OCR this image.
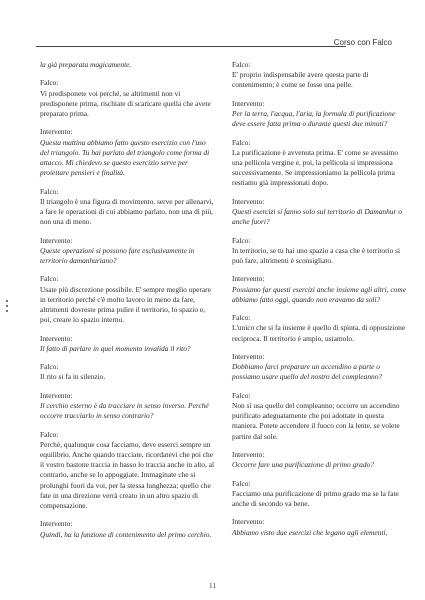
Corso con Falco
la già preparata magicamente.
Falco:
Vi predisponete voi perché, se altrimenti non vi predisponete prima, rischiate di scaricare quella che avete preparato prima.
Intervento:
Questa mattina abbiamo fatto questo esercizio con l'uso del triangolo. Tu hai parlato del triangolo come forma di attacco. Mi chiedevo se questo esercizio serve per proiettare pensieri e finalità.
Falco:
Il triangolo è una figura di movimento, serve per allenarvi, a fare le operazioni di cui abbiamo parlato, non una di più, non una di meno.
Intervento:
Queste operazioni si possono fare esclusivamente in territorio damanhuriano?
Falco:
Usate più discrezione possibile. E' sempre meglio operare in territorio perché c'è molto lavoro in meno da fare, altrimenti dovreste prima pulire il territorio, lo spazio e, poi, creare lo spazio interno.
Intervento:
Il fatto di parlare in quel momento invalida il rito?
Falco:
Il rito si fa in silenzio.
Intervento:
Il cerchio esterno è da tracciare in senso inverso. Perché occorre tracciarlo in senso contrario?
Falco:
Perché, qualunque cosa facciamo, deve esserci sempre un equilibrio. Anche quando tracciate, ricordatevi che poi che il vostro bastone traccia in basso lo traccia anche in alto, al contrario, anche se lo appoggiate. Immaginate che si prolunghi fuori da voi, per la stessa lunghezza; quello che fate in una direzione verrà creato in un altro spazio di compensazione.
Intervento:
Quindi, ha la funzione di contenimento del primo cerchio.
Falco:
E' proprio indispensabile avere questa parte di contenimento; è come se fosse una pelle.
Intervento:
Per la terra, l'acqua, l'aria, la formula di purificazione deve essere fatta prima o durante questi due minuti?
Falco:
La purificazione è avvenuta prima. E' come se avessimo una pellicola vergine e, poi, la pellicola si impressiona successivamente. Se impressioniamo la pellicola prima restiamo già impressionati dopo.
Intervento:
Questi esercizi si fanno solo sul territorio di Damanhur o anche fuori?
Falco:
In territorio, se tu hai uno spazio a casa che è territorio si può fare, altrimenti è sconsigliato.
Intervento:
Possiamo far questi esercizi anche insieme agli altri, come abbiamo fatto oggi, quando non eravamo da soli?
Falco:
L'unico che si fa insieme è quello di spinta, di opposizione reciproca. Il territorio è ampio, usiamolo.
Intervento:
Dobbiamo farci preparare un accendino a parte o possiamo usare quello del nostro del compleanno?
Falco:
Non si usa quello del compleanno; occorre un accendino purificato adeguatamente che poi adottate in questa maniera. Potete accendere il fuoco con la lente, se volete partire dal sole.
Intervento:
Occorre fare una purificazione di primo grado?
Falco:
Facciamo una purificazione di primo grado ma se la fate anche di secondo va bene.
Intervento:
Abbiamo visto due esercizi che legano agli elementi,
11
